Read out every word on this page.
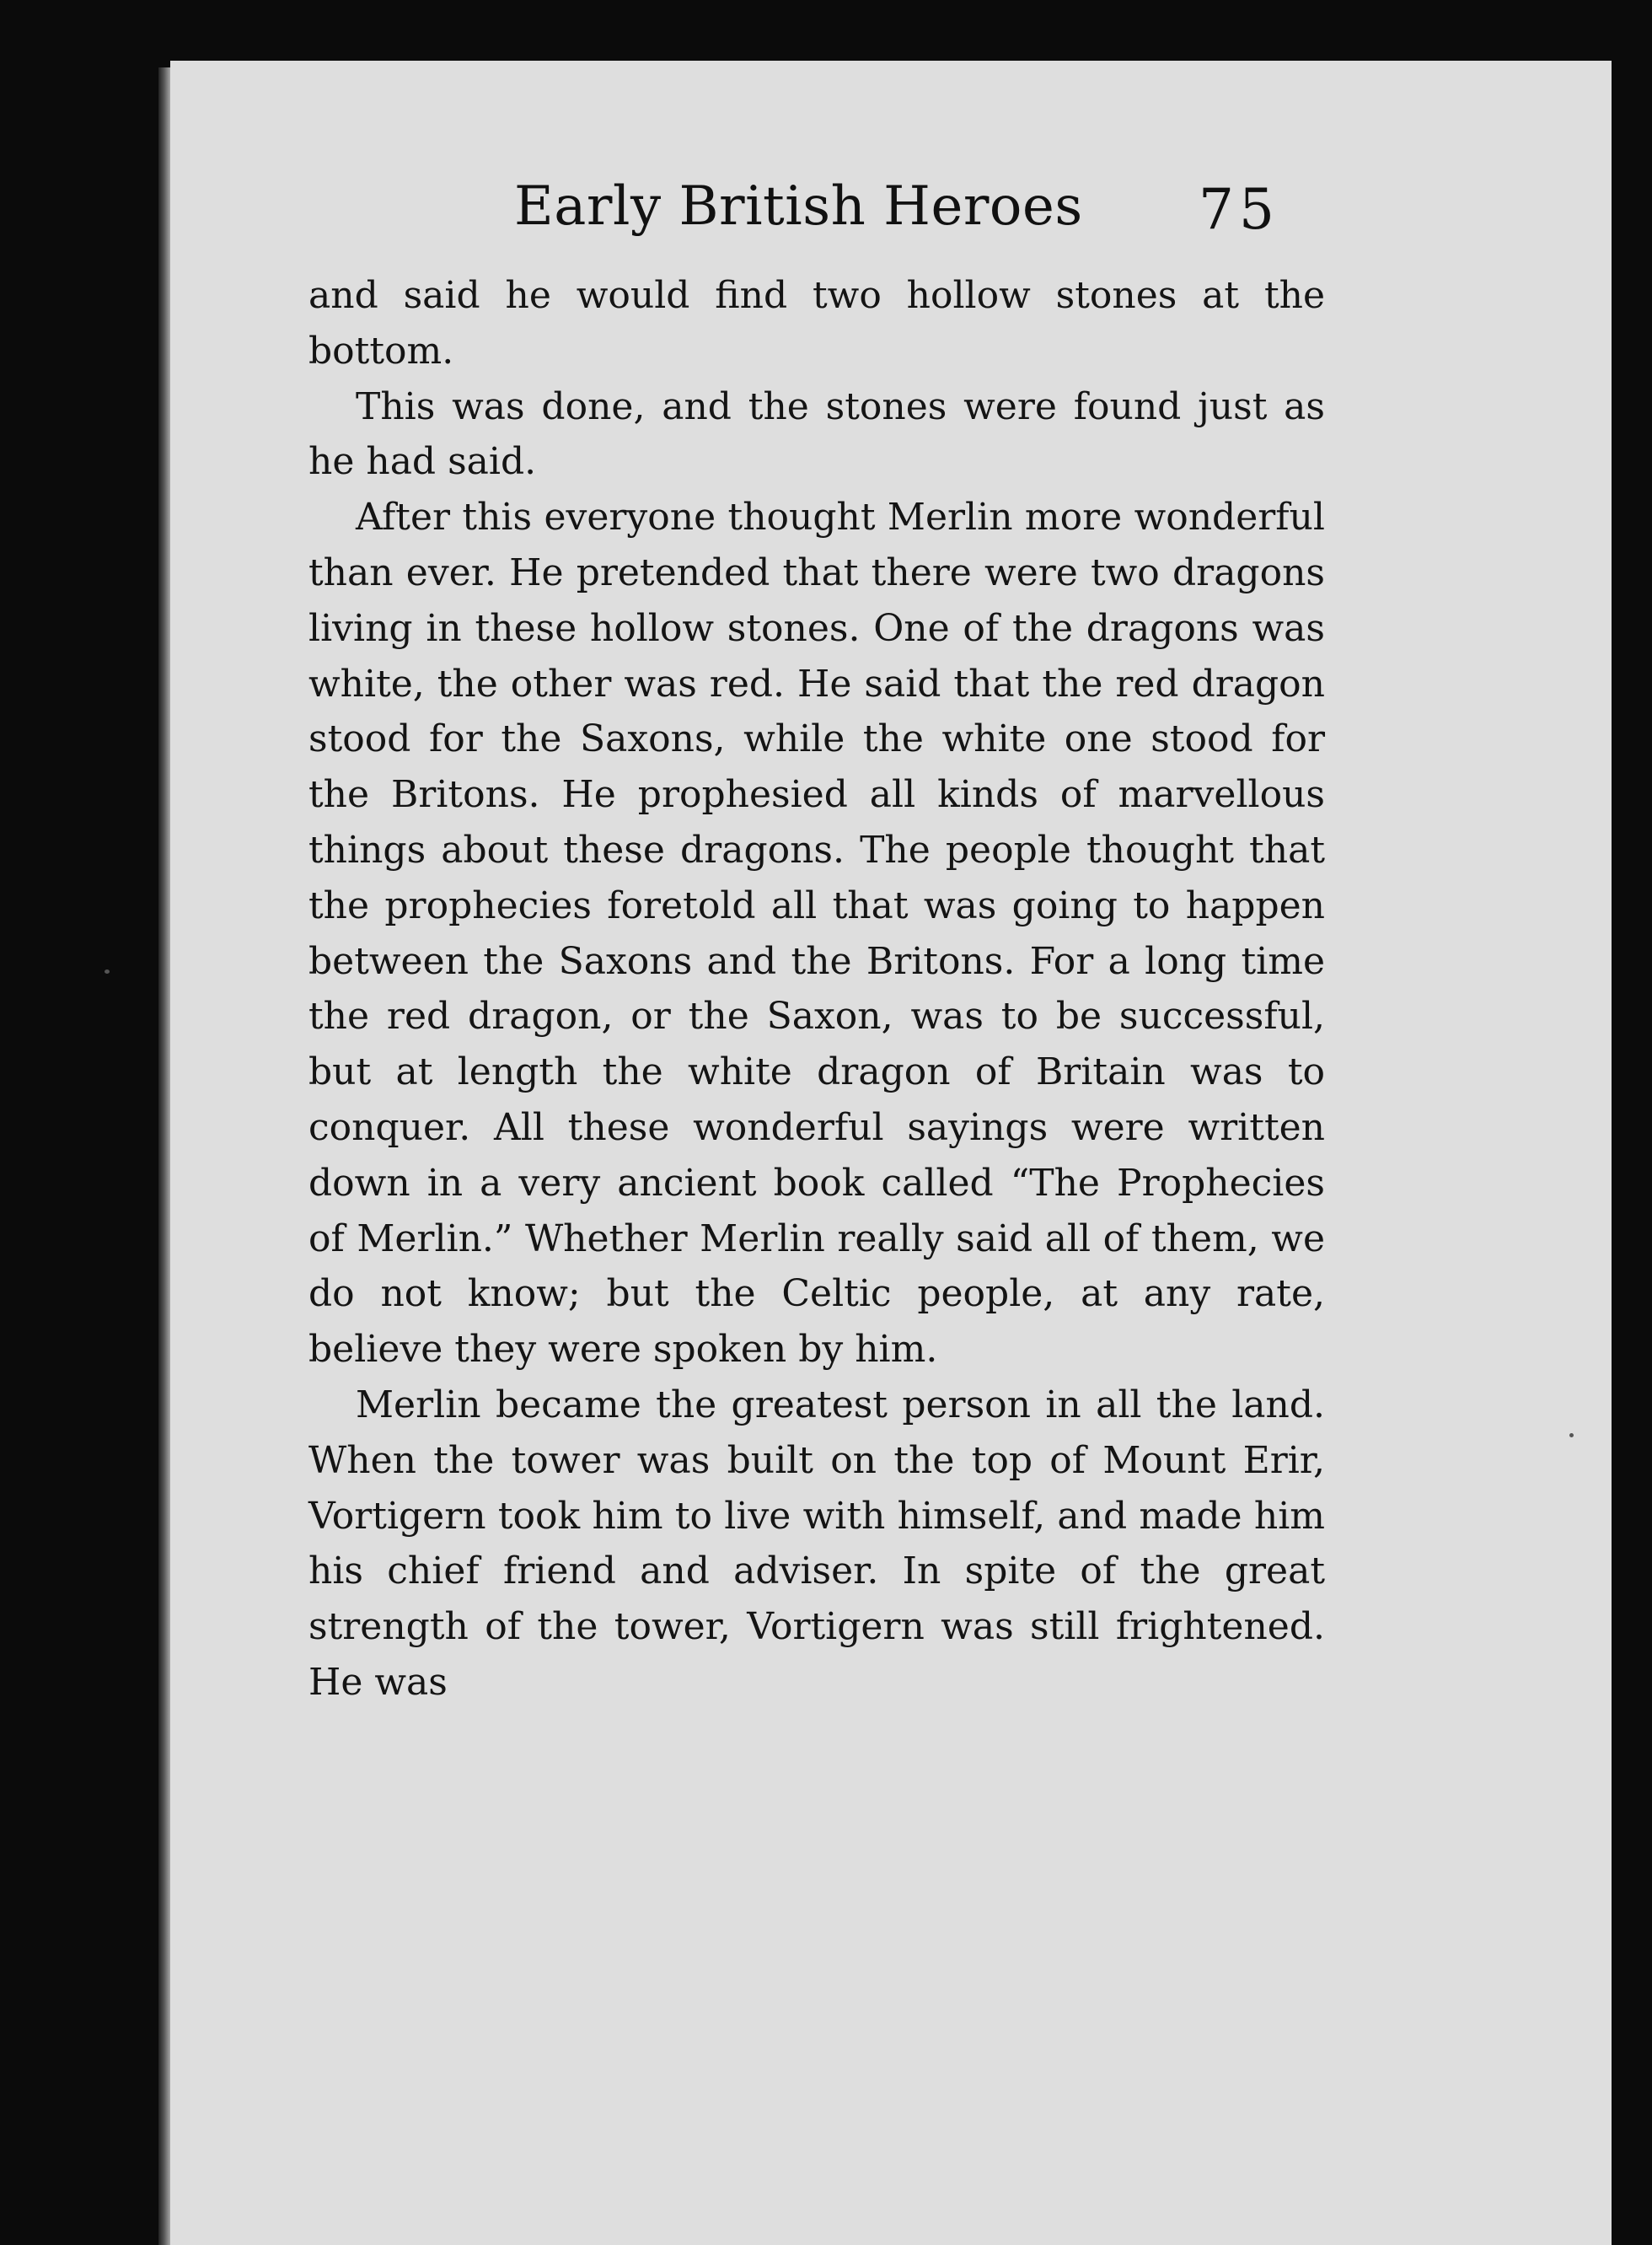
Early British Heroes 75

and said he would find two hollow stones at the bottom.

This was done, and the stones were found just as he had said.

After this everyone thought Merlin more wonderful than ever. He pretended that there were two dragons living in these hollow stones. One of the dragons was white, the other was red. He said that the red dragon stood for the Saxons, while the white one stood for the Britons. He prophesied all kinds of marvellous things about these dragons. The people thought that the prophecies foretold all that was going to happen between the Saxons and the Britons. For a long time the red dragon, or the Saxon, was to be successful, but at length the white dragon of Britain was to conquer. All these wonderful sayings were written down in a very ancient book called “The Prophecies of Merlin.” Whether Merlin really said all of them, we do not know; but the Celtic people, at any rate, believe they were spoken by him.

Merlin became the greatest person in all the land. When the tower was built on the top of Mount Erir, Vortigern took him to live with himself, and made him his chief friend and adviser. In spite of the great strength of the tower, Vortigern was still frightened. He was
